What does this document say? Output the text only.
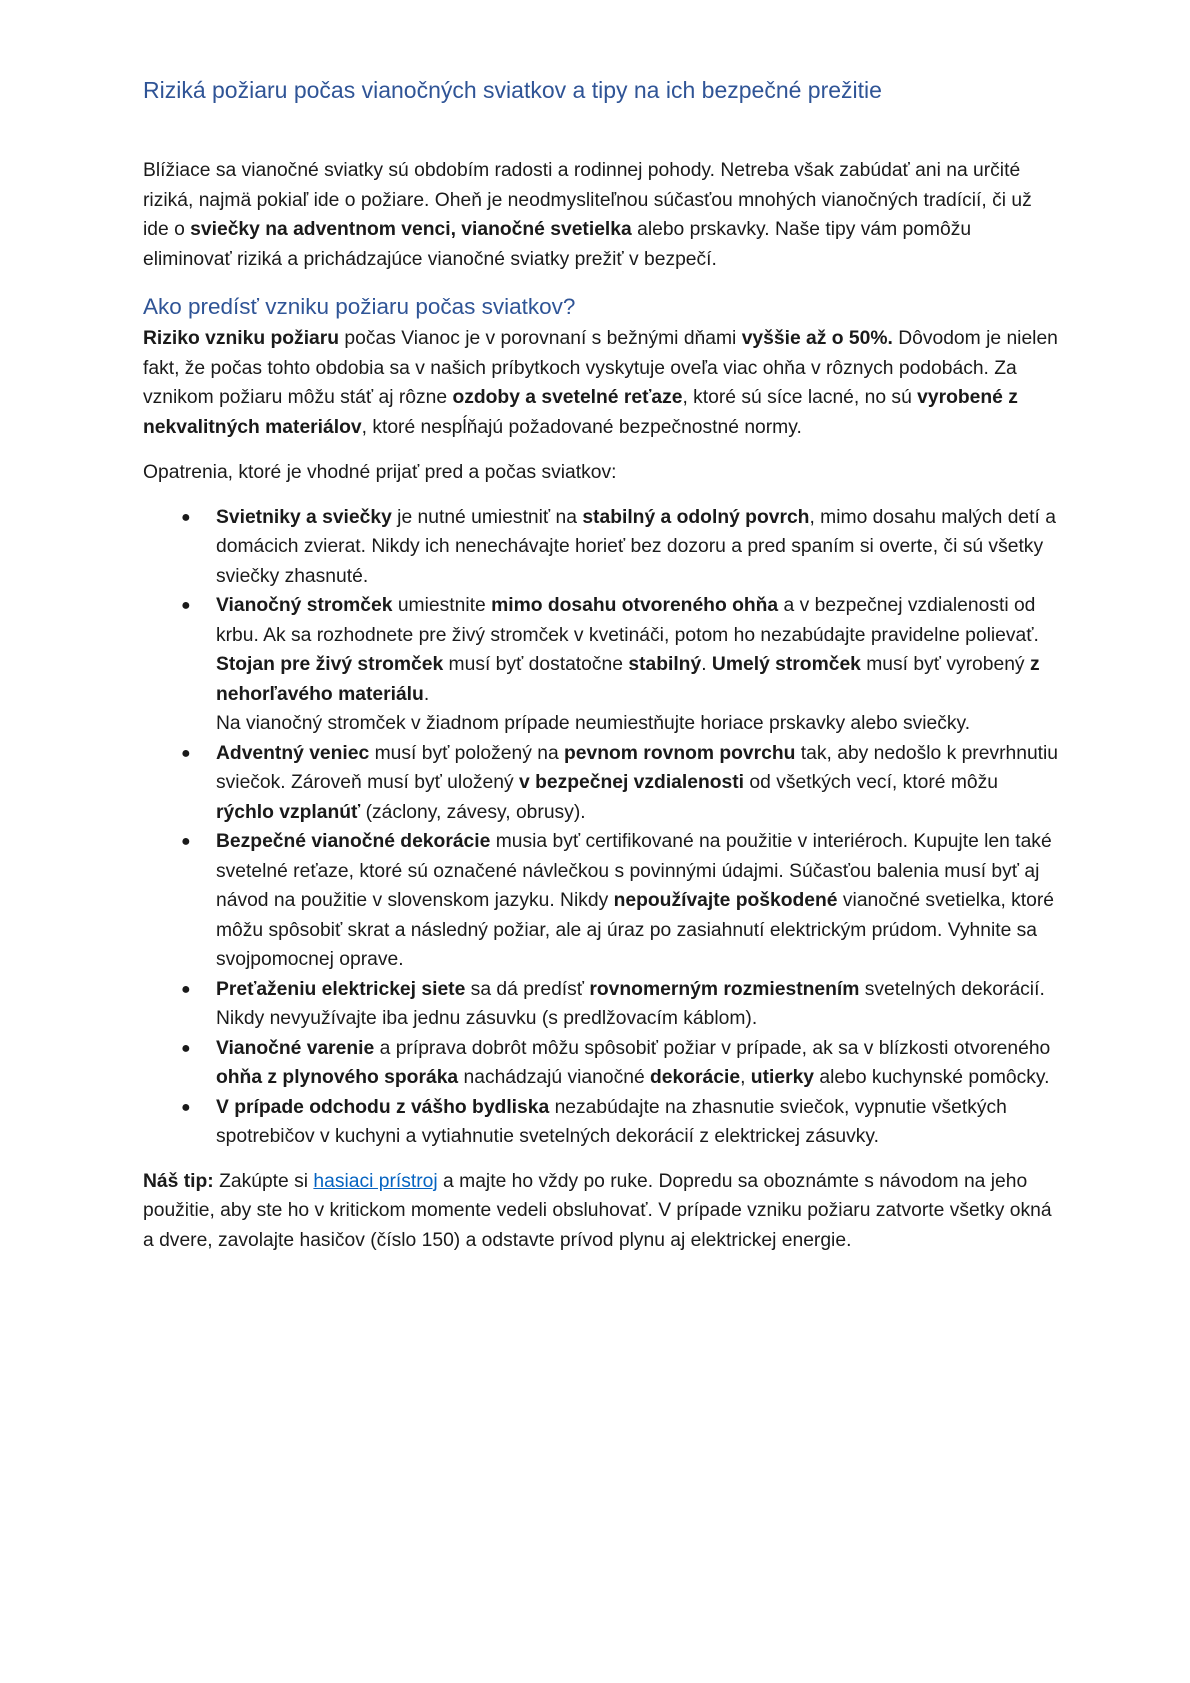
Riziká požiaru počas vianočných sviatkov a tipy na ich bezpečné prežitie

Blížiace sa vianočné sviatky sú obdobím radosti a rodinnej pohody. Netreba však zabúdať ani na určité riziká, najmä pokiaľ ide o požiare. Oheň je neodmysliteľnou súčasťou mnohých vianočných tradícií, či už ide o sviečky na adventnom venci, vianočné svetielka alebo prskavky. Naše tipy vám pomôžu eliminovať riziká a prichádzajúce vianočné sviatky prežiť v bezpečí.

Ako predísť vzniku požiaru počas sviatkov?

Riziko vzniku požiaru počas Vianoc je v porovnaní s bežnými dňami vyššie až o 50%. Dôvodom je nielen fakt, že počas tohto obdobia sa v našich príbytkoch vyskytuje oveľa viac ohňa v rôznych podobách. Za vznikom požiaru môžu stáť aj rôzne ozdoby a svetelné reťaze, ktoré sú síce lacné, no sú vyrobené z nekvalitných materiálov, ktoré nespĺňajú požadované bezpečnostné normy.

Opatrenia, ktoré je vhodné prijať pred a počas sviatkov:

●	Svietniky a sviečky je nutné umiestniť na stabilný a odolný povrch, mimo dosahu malých detí a domácich zvierat. Nikdy ich nenechávajte horieť bez dozoru a pred spaním si overte, či sú všetky sviečky zhasnuté.
●	Vianočný stromček umiestnite mimo dosahu otvoreného ohňa a v bezpečnej vzdialenosti od krbu. Ak sa rozhodnete pre živý stromček v kvetináči, potom ho nezabúdajte pravidelne polievať. Stojan pre živý stromček musí byť dostatočne stabilný. Umelý stromček musí byť vyrobený z nehorľavého materiálu.
Na vianočný stromček v žiadnom prípade neumiestňujte horiace prskavky alebo sviečky.
●	Adventný veniec musí byť položený na pevnom rovnom povrchu tak, aby nedošlo k prevrhnutiu sviečok. Zároveň musí byť uložený v bezpečnej vzdialenosti od všetkých vecí, ktoré môžu rýchlo vzplanúť (záclony, závesy, obrusy).
●	Bezpečné vianočné dekorácie musia byť certifikované na použitie v interiéroch. Kupujte len také svetelné reťaze, ktoré sú označené návlečkou s povinnými údajmi. Súčasťou balenia musí byť aj návod na použitie v slovenskom jazyku. Nikdy nepoužívajte poškodené vianočné svetielka, ktoré môžu spôsobiť skrat a následný požiar, ale aj úraz po zasiahnutí elektrickým prúdom. Vyhnite sa svojpomocnej oprave.
●	Preťaženiu elektrickej siete sa dá predísť rovnomerným rozmiestnením svetelných dekorácií. Nikdy nevyužívajte iba jednu zásuvku (s predlžovacím káblom).
●	Vianočné varenie a príprava dobrôt môžu spôsobiť požiar v prípade, ak sa v blízkosti otvoreného ohňa z plynového sporáka nachádzajú vianočné dekorácie, utierky alebo kuchynské pomôcky.
●	V prípade odchodu z vášho bydliska nezabúdajte na zhasnutie sviečok, vypnutie všetkých spotrebičov v kuchyni a vytiahnutie svetelných dekorácií z elektrickej zásuvky.

Náš tip: Zakúpte si hasiaci prístroj a majte ho vždy po ruke. Dopredu sa oboznámte s návodom na jeho použitie, aby ste ho v kritickom momente vedeli obsluhovať. V prípade vzniku požiaru zatvorte všetky okná a dvere, zavolajte hasičov (číslo 150) a odstavte prívod plynu aj elektrickej energie.
